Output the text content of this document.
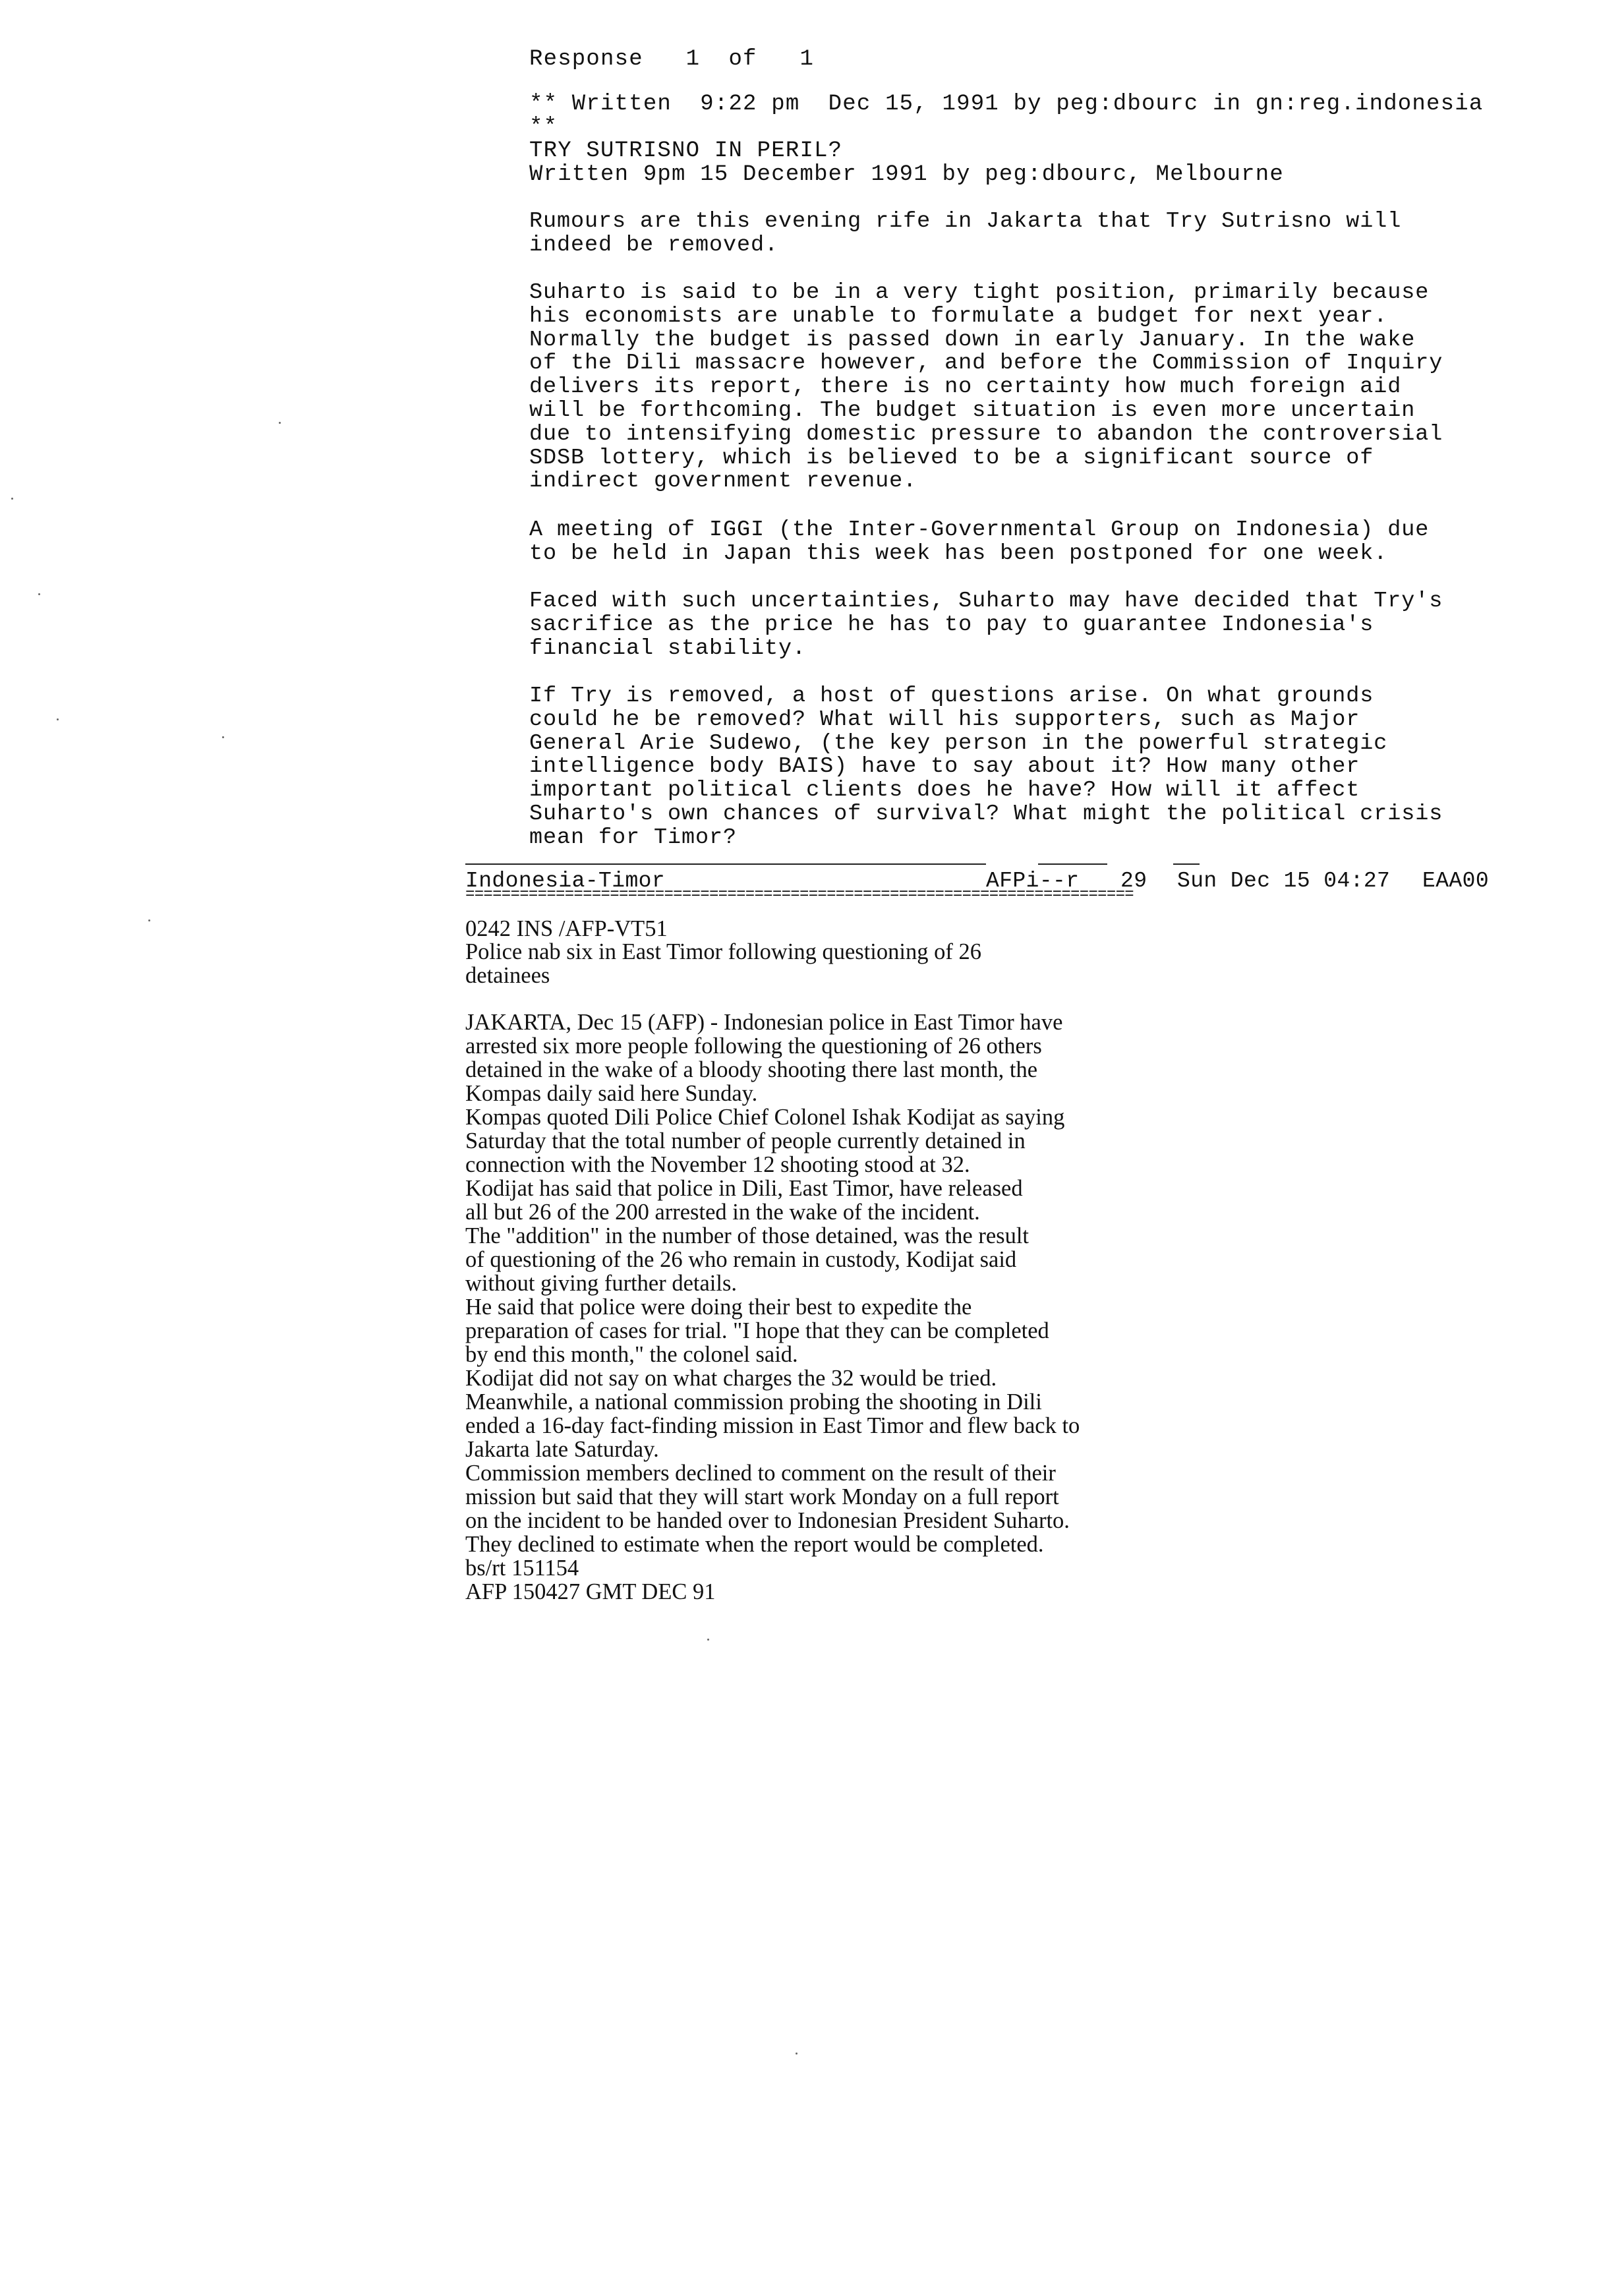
Response   1  of   1
** Written  9:22 pm  Dec 15, 1991 by peg:dbourc in gn:reg.indonesia
**
TRY SUTRISNO IN PERIL?
Written 9pm 15 December 1991 by peg:dbourc, Melbourne
Rumours are this evening rife in Jakarta that Try Sutrisno will
indeed be removed.
Suharto is said to be in a very tight position, primarily because
his economists are unable to formulate a budget for next year.
Normally the budget is passed down in early January. In the wake
of the Dili massacre however, and before the Commission of Inquiry
delivers its report, there is no certainty how much foreign aid
will be forthcoming. The budget situation is even more uncertain
due to intensifying domestic pressure to abandon the controversial
SDSB lottery, which is believed to be a significant source of
indirect government revenue.
A meeting of IGGI (the Inter-Governmental Group on Indonesia) due
to be held in Japan this week has been postponed for one week.
Faced with such uncertainties, Suharto may have decided that Try's
sacrifice as the price he has to pay to guarantee Indonesia's
financial stability.
If Try is removed, a host of questions arise. On what grounds
could he be removed? What will his supporters, such as Major
General Arie Sudewo, (the key person in the powerful strategic
intelligence body BAIS) have to say about it? How many other
important political clients does he have? How will it affect
Suharto's own chances of survival? What might the political crisis
mean for Timor?
Indonesia-Timor	AFPi--r 29 Sun Dec 15 04:27 EAA00
==========================================================================
0242 INS /AFP-VT51
Police nab six in East Timor following questioning of 26
detainees
JAKARTA, Dec 15 (AFP) - Indonesian police in East Timor have
arrested six more people following the questioning of 26 others
detained in the wake of a bloody shooting there last month, the
Kompas daily said here Sunday.
Kompas quoted Dili Police Chief Colonel Ishak Kodijat as saying
Saturday that the total number of people currently detained in
connection with the November 12 shooting stood at 32.
Kodijat has said that police in Dili, East Timor, have released
all but 26 of the 200 arrested in the wake of the incident.
The "addition" in the number of those detained, was the result
of questioning of the 26 who remain in custody, Kodijat said
without giving further details.
He said that police were doing their best to expedite the
preparation of cases for trial. "I hope that they can be completed
by end this month," the colonel said.
Kodijat did not say on what charges the 32 would be tried.
Meanwhile, a national commission probing the shooting in Dili
ended a 16-day fact-finding mission in East Timor and flew back to
Jakarta late Saturday.
Commission members declined to comment on the result of their
mission but said that they will start work Monday on a full report
on the incident to be handed over to Indonesian President Suharto.
They declined to estimate when the report would be completed.
bs/rt 151154
AFP 150427 GMT DEC 91
